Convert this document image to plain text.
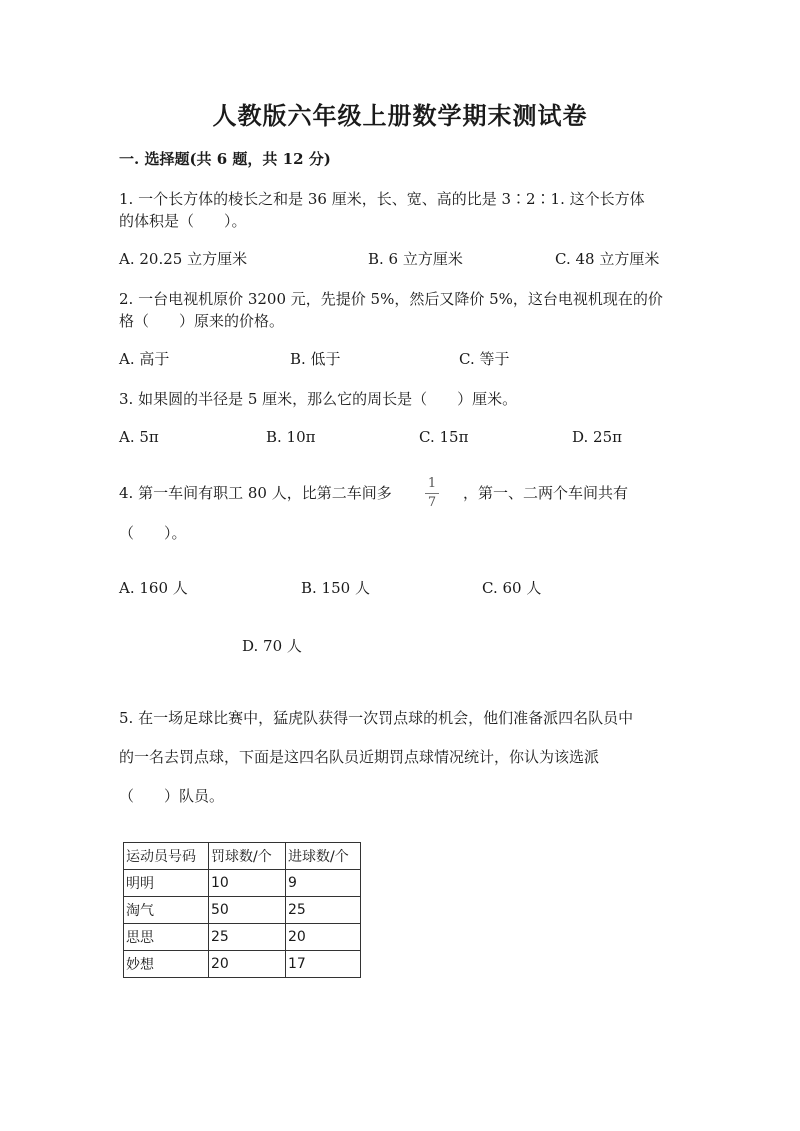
人教版六年级上册数学期末测试卷
一. 选择题(共 6 题，共 12 分)
1. 一个长方体的棱长之和是 36 厘米，长、宽、高的比是 3∶2∶1. 这个长方体
的体积是（　　）。
A. 20.25 立方厘米	B. 6 立方厘米	C. 48 立方厘米
2. 一台电视机原价 3200 元，先提价 5%，然后又降价 5%，这台电视机现在的价
格（　　）原来的价格。
A. 高于	B. 低于	C. 等于
3. 如果圆的半径是 5 厘米，那么它的周长是（　　）厘米。
A. 5π	B. 10π	C. 15π	D. 25π
4. 第一车间有职工 80 人，比第二车间多
1
7
，第一、二两个车间共有
（　　）。
A. 160 人	B. 150 人	C. 60 人
D. 70 人
5. 在一场足球比赛中，猛虎队获得一次罚点球的机会，他们准备派四名队员中
的一名去罚点球，下面是这四名队员近期罚点球情况统计，你认为该选派
（　　）队员。
运动员号码	罚球数/个	进球数/个
明明	10	9
淘气	50	25
思思	25	20
妙想	20	17
